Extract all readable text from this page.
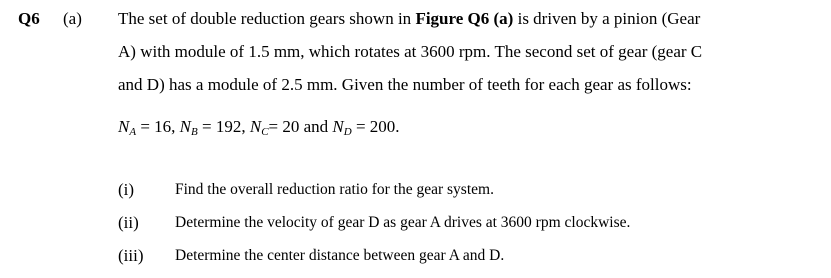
Q6 (a) The set of double reduction gears shown in Figure Q6 (a) is driven by a pinion (Gear
A) with module of 1.5 mm, which rotates at 3600 rpm. The second set of gear (gear C
and D) has a module of 2.5 mm. Given the number of teeth for each gear as follows:
$N_A = 16$, $N_B = 192$, $N_C= 20$ and $N_D = 200$.
(i)	Find the overall reduction ratio for the gear system.
(ii) Determine the velocity of gear D as gear A drives at 3600 rpm clockwise.
(iii) Determine the center distance between gear A and D.
